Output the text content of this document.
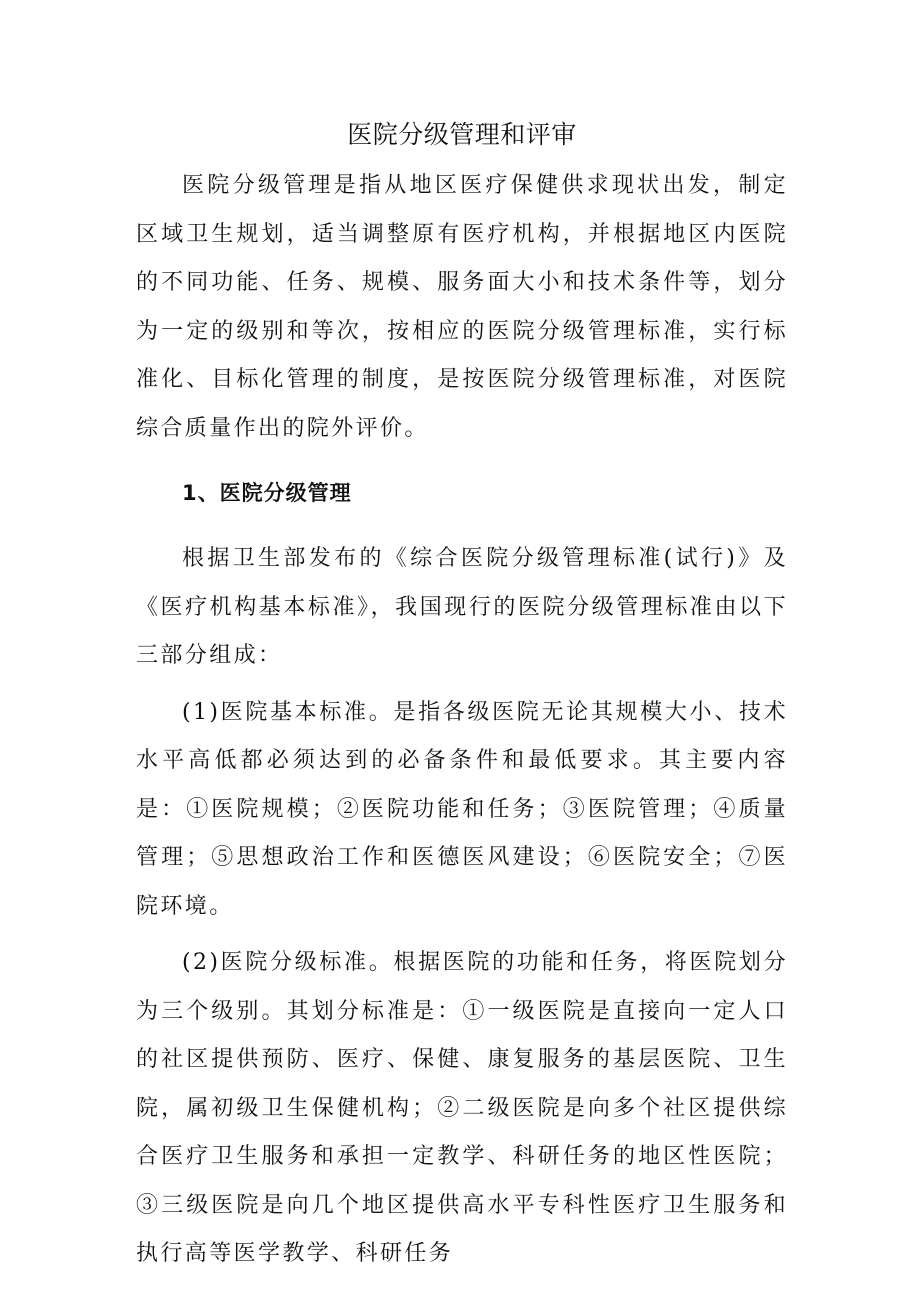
医院分级管理和评审

医院分级管理是指从地区医疗保健供求现状出发，制定区域卫生规划，适当调整原有医疗机构，并根据地区内医院的不同功能、任务、规模、服务面大小和技术条件等，划分为一定的级别和等次，按相应的医院分级管理标准，实行标准化、目标化管理的制度，是按医院分级管理标准，对医院综合质量作出的院外评价。

1、医院分级管理

根据卫生部发布的《综合医院分级管理标准(试行)》及《医疗机构基本标准》，我国现行的医院分级管理标准由以下三部分组成：

(1)医院基本标准。是指各级医院无论其规模大小、技术水平高低都必须达到的必备条件和最低要求。其主要内容是：①医院规模；②医院功能和任务；③医院管理；④质量管理；⑤思想政治工作和医德医风建设；⑥医院安全；⑦医院环境。

(2)医院分级标准。根据医院的功能和任务，将医院划分为三个级别。其划分标准是：①一级医院是直接向一定人口的社区提供预防、医疗、保健、康复服务的基层医院、卫生院，属初级卫生保健机构；②二级医院是向多个社区提供综合医疗卫生服务和承担一定教学、科研任务的地区性医院；③三级医院是向几个地区提供高水平专科性医疗卫生服务和执行高等医学教学、科研任务
